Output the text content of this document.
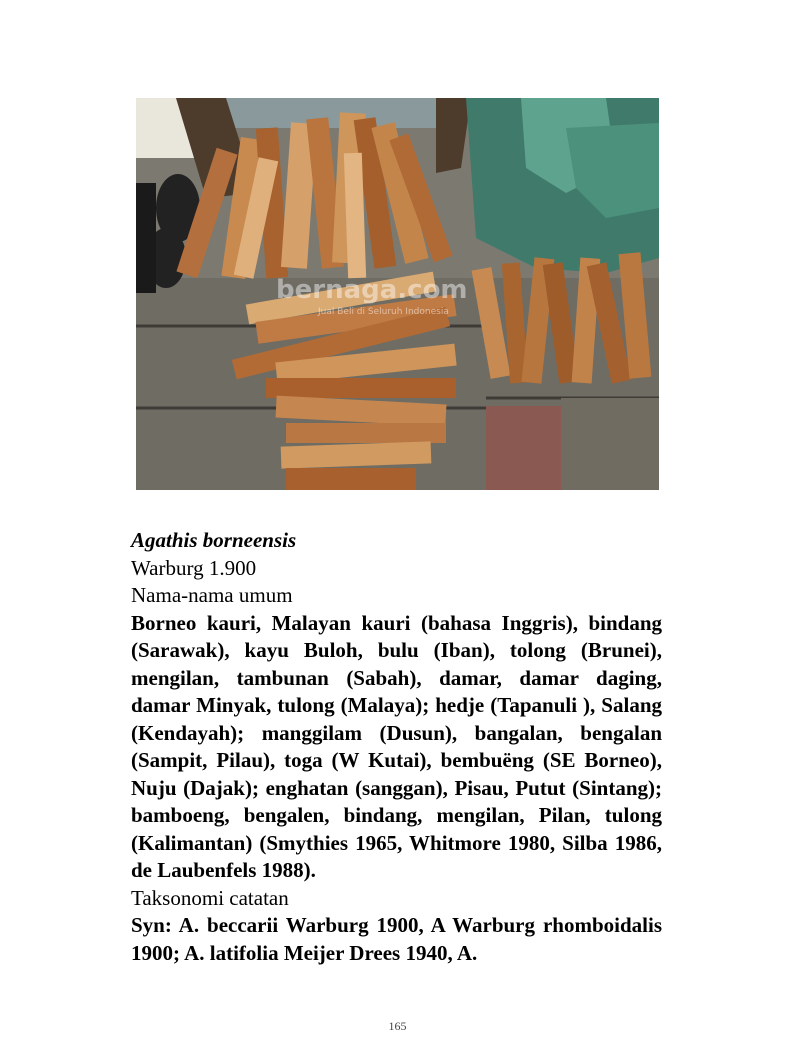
bernaga.com
Jual Beli di Seluruh Indonesia
Agathis borneensis
Warburg 1.900
Nama-nama umum
Borneo kauri, Malayan kauri (bahasa Inggris), bindang (Sarawak), kayu Buloh, bulu (Iban), tolong (Brunei), mengilan, tambunan (Sabah), damar, damar daging, damar Minyak, tulong (Malaya); hedje (Tapanuli ), Salang (Kendayah); manggilam (Dusun), bangalan, bengalan (Sampit, Pilau), toga (W Kutai), bembuëng (SE Borneo), Nuju (Dajak); enghatan (sanggan), Pisau, Putut (Sintang); bamboeng, bengalen, bindang, mengilan, Pilan, tulong (Kalimantan) (Smythies 1965, Whitmore 1980, Silba 1986, de Laubenfels 1988).
Taksonomi catatan
Syn: A. beccarii Warburg 1900, A Warburg rhomboidalis 1900; A. latifolia Meijer Drees 1940, A.
165
